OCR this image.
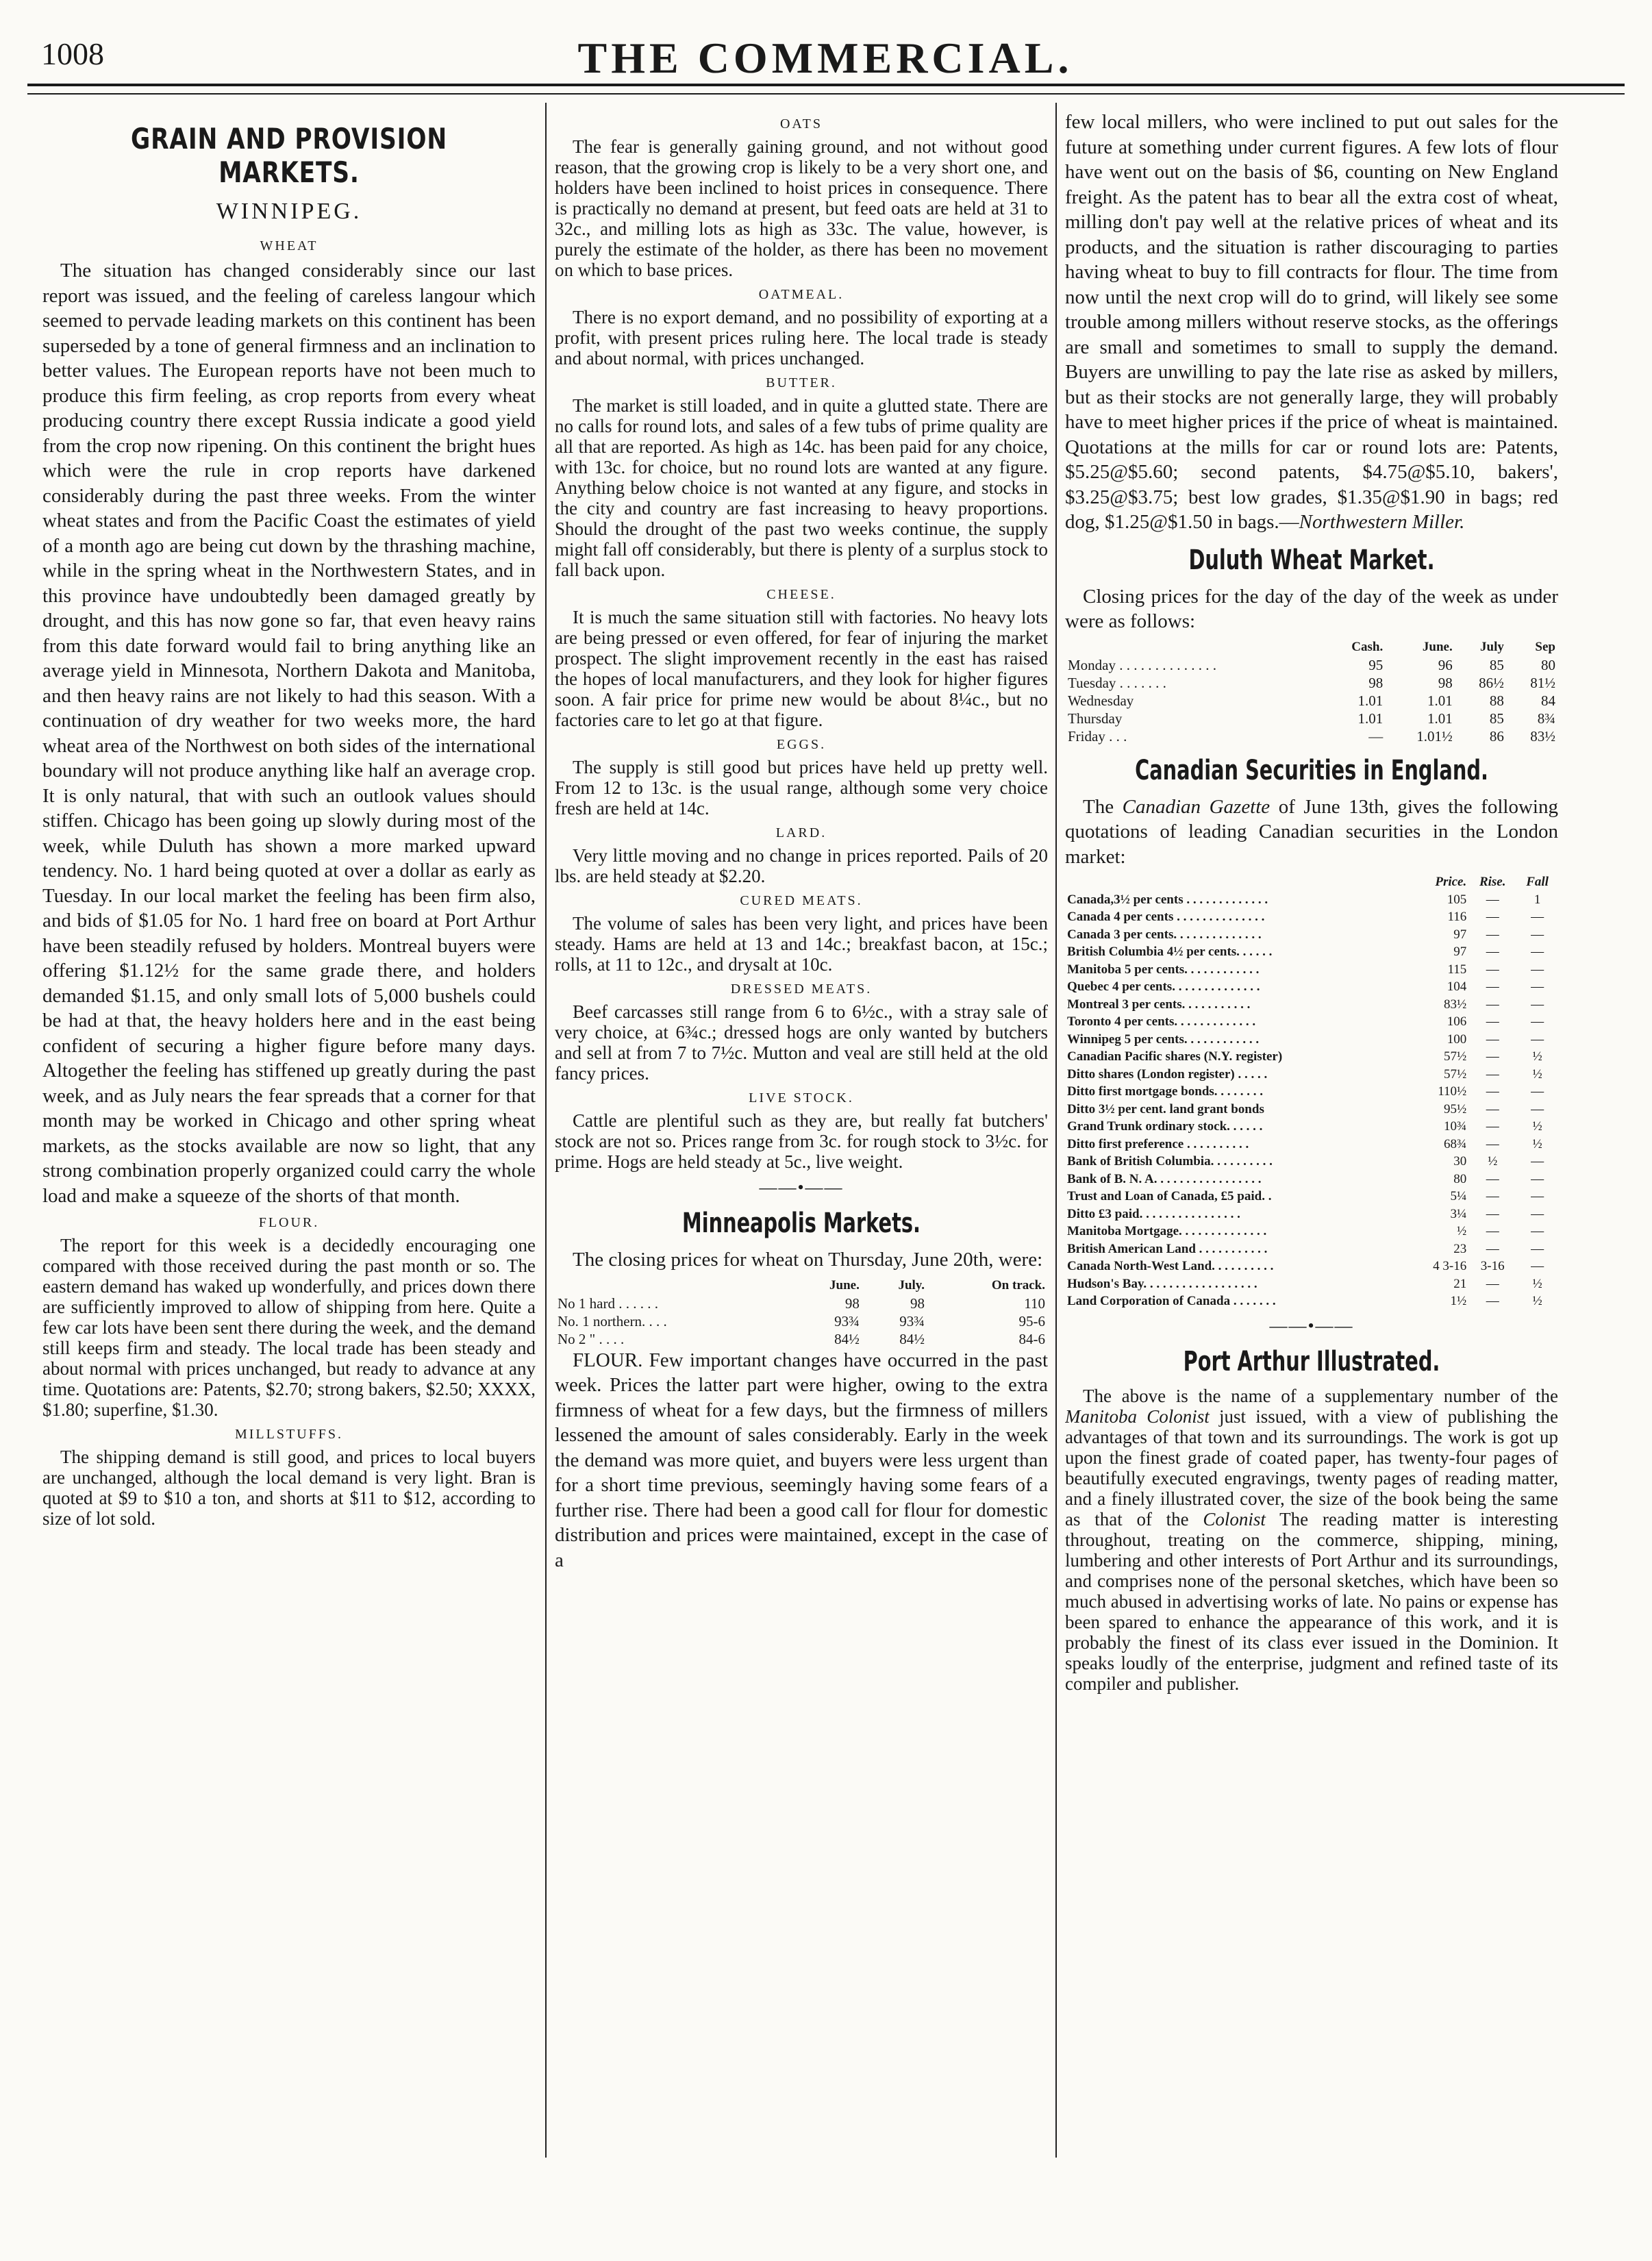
1008	THE COMMERCIAL.
GRAIN AND PROVISION MARKETS.
WINNIPEG.
WHEAT

The situation has changed considerably since our last report was issued, and the feeling of careless langour which seemed to pervade leading markets on this continent has been superseded by a tone of general firmness and an inclination to better values. The European reports have not been much to produce this firm feeling, as crop reports from every wheat producing country there except Russia indicate a good yield from the crop now ripening. On this continent the bright hues which were the rule in crop reports have darkened considerably during the past three weeks. From the winter wheat states and from the Pacific Coast the estimates of yield of a month ago are being cut down by the thrashing machine, while in the spring wheat in the Northwestern States, and in this province have undoubtedly been damaged greatly by drought, and this has now gone so far, that even heavy rains from this date forward would fail to bring anything like an average yield in Minnesota, Northern Dakota and Manitoba, and then heavy rains are not likely to had this season. With a continuation of dry weather for two weeks more, the hard wheat area of the Northwest on both sides of the international boundary will not produce anything like half an average crop. It is only natural, that with such an outlook values should stiffen. Chicago has been going up slowly during most of the week, while Duluth has shown a more marked upward tendency. No. 1 hard being quoted at over a dollar as early as Tuesday. In our local market the feeling has been firm also, and bids of $1.05 for No. 1 hard free on board at Port Arthur have been steadily refused by holders. Montreal buyers were offering $1.12½ for the same grade there, and holders demanded $1.15, and only small lots of 5,000 bushels could be had at that, the heavy holders here and in the east being confident of securing a higher figure before many days. Altogether the feeling has stiffened up greatly during the past week, and as July nears the fear spreads that a corner for that month may be worked in Chicago and other spring wheat markets, as the stocks available are now so light, that any strong combination properly organized could carry the whole load and make a squeeze of the shorts of that month.

FLOUR.

The report for this week is a decidedly encouraging one compared with those received during the past month or so. The eastern demand has waked up wonderfully, and prices down there are sufficiently improved to allow of shipping from here. Quite a few car lots have been sent there during the week, and the demand still keeps firm and steady. The local trade has been steady and about normal with prices unchanged, but ready to advance at any time. Quotations are: Patents, $2.70; strong bakers, $2.50; XXXX, $1.80; superfine, $1.30.

MILLSTUFFS.

The shipping demand is still good, and prices to local buyers are unchanged, although the local demand is very light. Bran is quoted at $9 to $10 a ton, and shorts at $11 to $12, according to size of lot sold.

OATS

The fear is generally gaining ground, and not without good reason, that the growing crop is likely to be a very short one, and holders have been inclined to hoist prices in consequence. There is practically no demand at present, but feed oats are held at 31 to 32c., and milling lots as high as 33c. The value, however, is purely the estimate of the holder, as there has been no movement on which to base prices.

OATMEAL.

There is no export demand, and no possibility of exporting at a profit, with present prices ruling here. The local trade is steady and about normal, with prices unchanged.

BUTTER.

The market is still loaded, and in quite a glutted state. There are no calls for round lots, and sales of a few tubs of prime quality are all that are reported. As high as 14c. has been paid for any choice, with 13c. for choice, but no round lots are wanted at any figure. Anything below choice is not wanted at any figure, and stocks in the city and country are fast increasing to heavy proportions. Should the drought of the past two weeks continue, the supply might fall off considerably, but there is plenty of a surplus stock to fall back upon.

CHEESE.

It is much the same situation still with factories. No heavy lots are being pressed or even offered, for fear of injuring the market prospect. The slight improvement recently in the east has raised the hopes of local manufacturers, and they look for higher figures soon. A fair price for prime new would be about 8¼c., but no factories care to let go at that figure.

EGGS.

The supply is still good but prices have held up pretty well. From 12 to 13c. is the usual range, although some very choice fresh are held at 14c.

LARD.

Very little moving and no change in prices reported. Pails of 20 lbs. are held steady at $2.20.

CURED MEATS.

The volume of sales has been very light, and prices have been steady. Hams are held at 13 and 14c.; breakfast bacon, at 15c.; rolls, at 11 to 12c., and drysalt at 10c.

DRESSED MEATS.

Beef carcasses still range from 6 to 6½c., with a stray sale of very choice, at 6¾c.; dressed hogs are only wanted by butchers and sell at from 7 to 7½c. Mutton and veal are still held at the old fancy prices.

LIVE STOCK.

Cattle are plentiful such as they are, but really fat butchers' stock are not so. Prices range from 3c. for rough stock to 3½c. for prime. Hogs are held steady at 5c., live weight.

——•——
Minneapolis Markets.

The closing prices for wheat on Thursday, June 20th, were:

	June.	July.	On track.
No 1 hard . . . . . .	98	98	110
No. 1 northern. . . .	93¾	93¾	95-6
No 2 " . . . .	84½	84½	84-6

FLOUR. Few important changes have occurred in the past week. Prices the latter part were higher, owing to the extra firmness of wheat for a few days, but the firmness of millers lessened the amount of sales considerably. Early in the week the demand was more quiet, and buyers were less urgent than for a short time previous, seemingly having some fears of a further rise. There had been a good call for flour for domestic distribution and prices were maintained, except in the case of a

few local millers, who were inclined to put out sales for the future at something under current figures. A few lots of flour have went out on the basis of $6, counting on New England freight. As the patent has to bear all the extra cost of wheat, milling don't pay well at the relative prices of wheat and its products, and the situation is rather discouraging to parties having wheat to buy to fill contracts for flour. The time from now until the next crop will do to grind, will likely see some trouble among millers without reserve stocks, as the offerings are small and sometimes to small to supply the demand. Buyers are unwilling to pay the late rise as asked by millers, but as their stocks are not generally large, they will probably have to meet higher prices if the price of wheat is maintained. Quotations at the mills for car or round lots are: Patents, $5.25@$5.60; second patents, $4.75@$5.10, bakers', $3.25@$3.75; best low grades, $1.35@$1.90 in bags; red dog, $1.25@$1.50 in bags.—Northwestern Miller.

Duluth Wheat Market.

Closing prices for the day of the day of the week as under were as follows:

	Cash.	June.	July	Sep
Monday . . . . . . . . . . . . . .	95	96	85	80
Tuesday . . . . . . .	98	98	86½	81½
Wednesday	1.01	1.01	88	84
Thursday	1.01	1.01	85	8¾
Friday . . .	—	1.01½	86	83½
Canadian Securities in England.

The Canadian Gazette of June 13th, gives the following quotations of leading Canadian securities in the London market:

	Price.	Rise.	Fall
Canada,3½ per cents . . . . . . . . . . . . .	105	—	1
Canada 4 per cents . . . . . . . . . . . . . .	116	—	—
Canada 3 per cents. . . . . . . . . . . . . .	97	—	—
British Columbia 4½ per cents. . . . . .	97	—	—
Manitoba 5 per cents. . . . . . . . . . . .	115	—	—
Quebec 4 per cents. . . . . . . . . . . . . .	104	—	—
Montreal 3 per cents. . . . . . . . . . .	83½	—	—
Toronto 4 per cents. . . . . . . . . . . . .	106	—	—
Winnipeg 5 per cents. . . . . . . . . . . .	100	—	—
Canadian Pacific shares (N.Y. register)	57½	—	½
Ditto shares (London register) . . . . .	57½	—	½
Ditto first mortgage bonds. . . . . . . .	110½	—	—
Ditto 3½ per cent. land grant bonds	95½	—	—
Grand Trunk ordinary stock. . . . . .	10¾	—	½
Ditto first preference . . . . . . . . . .	68¾	—	½
Bank of British Columbia. . . . . . . . . .	30	½	—
Bank of B. N. A. . . . . . . . . . . . . . . . .	80	—	—
Trust and Loan of Canada, £5 paid. .	5¼	—	—
Ditto £3 paid. . . . . . . . . . . . . . . .	3¼	—	—
Manitoba Mortgage. . . . . . . . . . . . . .	½	—	—
British American Land . . . . . . . . . . .	23	—	—
Canada North-West Land. . . . . . . . . .	4 3-16	3-16	—
Hudson's Bay. . . . . . . . . . . . . . . . . .	21	—	½
Land Corporation of Canada . . . . . . .	1½	—	½
——•——
Port Arthur Illustrated.

The above is the name of a supplementary number of the Manitoba Colonist just issued, with a view of publishing the advantages of that town and its surroundings. The work is got up upon the finest grade of coated paper, has twenty-four pages of beautifully executed engravings, twenty pages of reading matter, and a finely illustrated cover, the size of the book being the same as that of the Colonist The reading matter is interesting throughout, treating on the commerce, shipping, mining, lumbering and other interests of Port Arthur and its surroundings, and comprises none of the personal sketches, which have been so much abused in advertising works of late. No pains or expense has been spared to enhance the appearance of this work, and it is probably the finest of its class ever issued in the Dominion. It speaks loudly of the enterprise, judgment and refined taste of its compiler and publisher.
